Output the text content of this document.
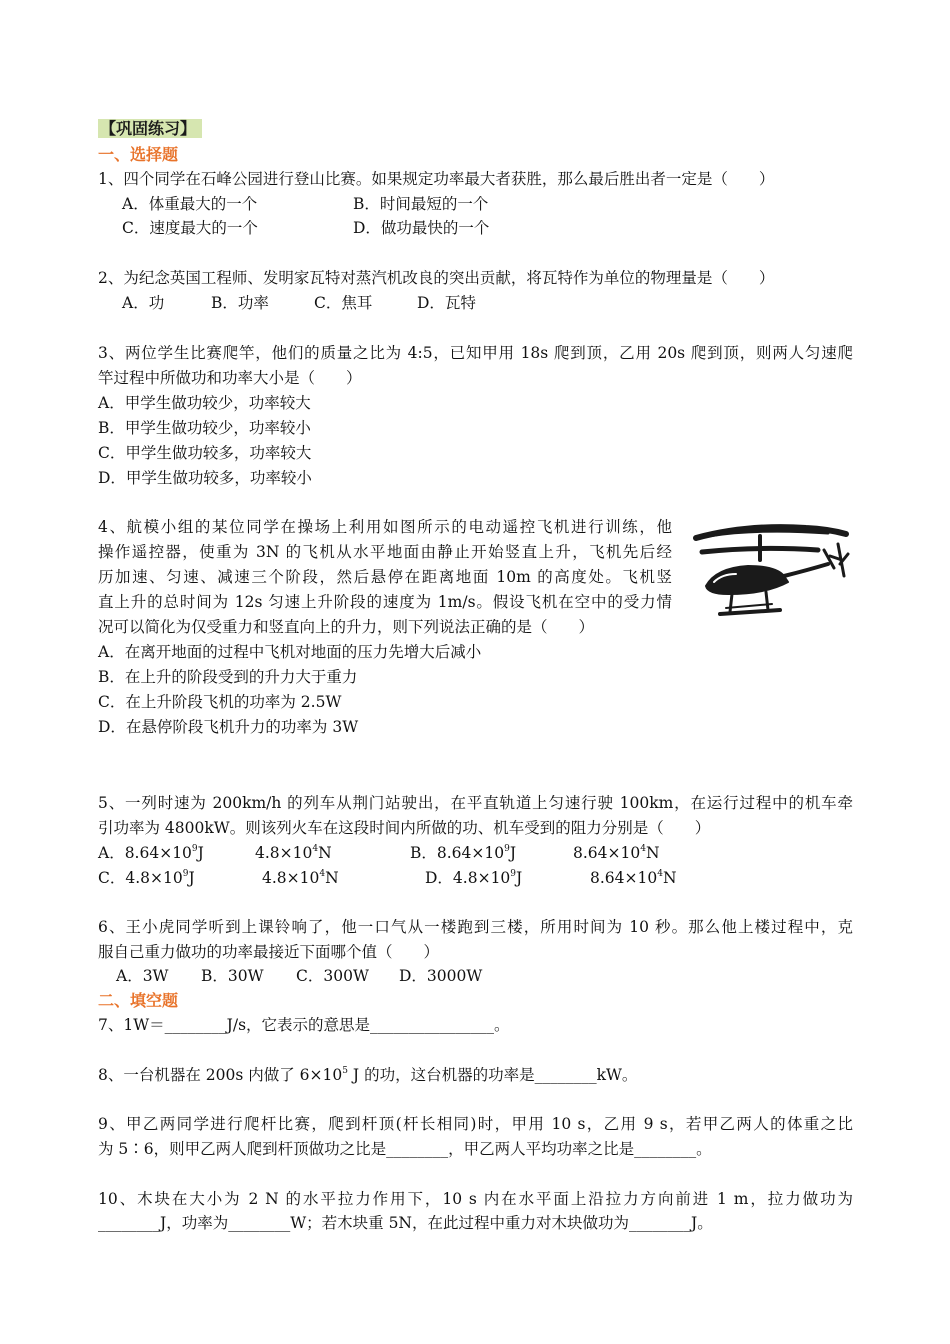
【巩固练习】
一、选择题
1、四个同学在石峰公园进行登山比赛。如果规定功率最大者获胜，那么最后胜出者一定是（　　）
A．体重最大的一个	B．时间最短的一个
C．速度最大的一个	D．做功最快的一个
2、为纪念英国工程师、发明家瓦特对蒸汽机改良的突出贡献，将瓦特作为单位的物理量是（　　）
A．功	B．功率	C．焦耳	D．瓦特
3、两位学生比赛爬竿，他们的质量之比为 4:5，已知甲用 18s 爬到顶，乙用 20s 爬到顶，则两人匀速爬
竿过程中所做功和功率大小是（　　）
A．甲学生做功较少，功率较大
B．甲学生做功较少，功率较小
C．甲学生做功较多，功率较大
D．甲学生做功较多，功率较小
4、航模小组的某位同学在操场上利用如图所示的电动遥控飞机进行训练，他
操作遥控器，使重为 3N 的飞机从水平地面由静止开始竖直上升，飞机先后经
历加速、匀速、减速三个阶段，然后悬停在距离地面 10m 的高度处。飞机竖
直上升的总时间为 12s 匀速上升阶段的速度为 1m/s。假设飞机在空中的受力情
况可以简化为仅受重力和竖直向上的升力，则下列说法正确的是（　　）
A．在离开地面的过程中飞机对地面的压力先增大后减小
B．在上升的阶段受到的升力大于重力
C．在上升阶段飞机的功率为 2.5W
D．在悬停阶段飞机升力的功率为 3W
5、一列时速为 200km/h 的列车从荆门站驶出，在平直轨道上匀速行驶 100km，在运行过程中的机车牵
引功率为 4800kW。则该列火车在这段时间内所做的功、机车受到的阻力分别是（　　）
A．$8.64\times 10^9J$	$4.8\times 10^4N$	B．$8.64\times 10^9J$	$8.64\times 10^4N$
C．$4.8\times 10^9J$	$4.8\times 10^4N$	D．$4.8\times 10^9J$	$8.64\times 10^4N$
6、王小虎同学听到上课铃响了，他一口气从一楼跑到三楼，所用时间为 10 秒。那么他上楼过程中，克
服自己重力做功的功率最接近下面哪个值（　　）
A．3W B．30W C．300W D．3000W
二、填空题
7、1W＝________J/s，它表示的意思是________________。
8、一台机器在 200s 内做了 $6\times 10^5$ J 的功，这台机器的功率是________kW。
9、甲乙两同学进行爬杆比赛，爬到杆顶(杆长相同)时，甲用 10 s，乙用 9 s，若甲乙两人的体重之比
为 5∶6，则甲乙两人爬到杆顶做功之比是________，甲乙两人平均功率之比是________。
10、木块在大小为 2 N 的水平拉力作用下，10 s 内在水平面上沿拉力方向前进 1 m，拉力做功为
________J，功率为________W；若木块重 5N，在此过程中重力对木块做功为________J。
